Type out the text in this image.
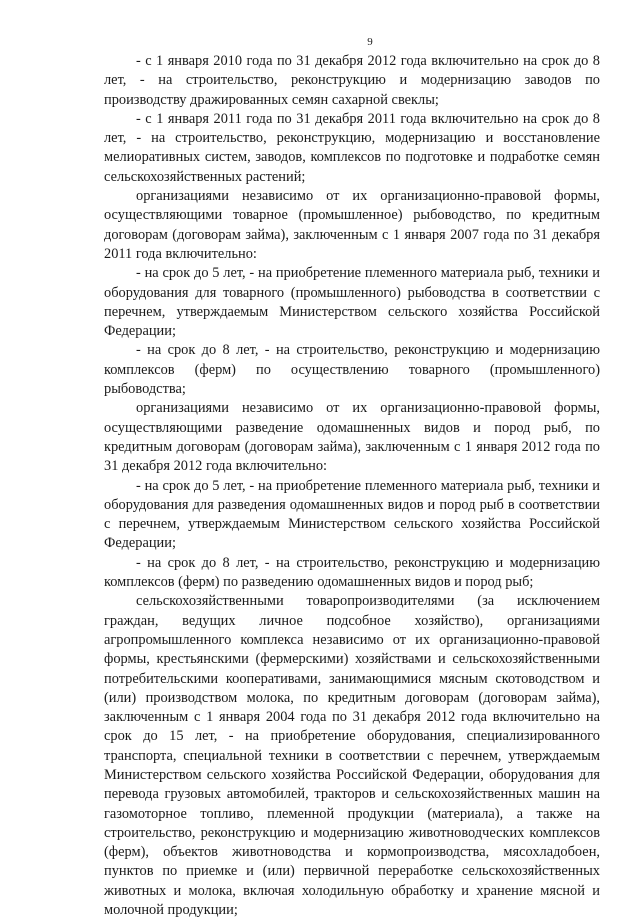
9

- с 1 января 2010 года по 31 декабря 2012 года включительно на срок до 8 лет, - на строительство, реконструкцию и модернизацию заводов по производству дражированных семян сахарной свеклы;

- с 1 января 2011 года по 31 декабря 2011 года включительно на срок до 8 лет, - на строительство, реконструкцию, модернизацию и восстановление мелиоративных систем, заводов, комплексов по подготовке и подработке семян сельскохозяйственных растений;

организациями независимо от их организационно-правовой формы, осуществляющими товарное (промышленное) рыбоводство, по кредитным договорам (договорам займа), заключенным с 1 января 2007 года по 31 декабря 2011 года включительно:

- на срок до 5 лет, - на приобретение племенного материала рыб, техники и оборудования для товарного (промышленного) рыбоводства в соответствии с перечнем, утверждаемым Министерством сельского хозяйства Российской Федерации;

- на срок до 8 лет, - на строительство, реконструкцию и модернизацию комплексов (ферм) по осуществлению товарного (промышленного) рыбоводства;

организациями независимо от их организационно-правовой формы, осуществляющими разведение одомашненных видов и пород рыб, по кредитным договорам (договорам займа), заключенным с 1 января 2012 года по 31 декабря 2012 года включительно:

- на срок до 5 лет, - на приобретение племенного материала рыб, техники и оборудования для разведения одомашненных видов и пород рыб в соответствии с перечнем, утверждаемым Министерством сельского хозяйства Российской Федерации;

- на срок до 8 лет, - на строительство, реконструкцию и модернизацию комплексов (ферм) по разведению одомашненных видов и пород рыб;

сельскохозяйственными товаропроизводителями (за исключением граждан, ведущих личное подсобное хозяйство), организациями агропромышленного комплекса независимо от их организационно-правовой формы, крестьянскими (фермерскими) хозяйствами и сельскохозяйственными потребительскими кооперативами, занимающимися мясным скотоводством и (или) производством молока, по кредитным договорам (договорам займа), заключенным с 1 января 2004 года по 31 декабря 2012 года включительно на срок до 15 лет, - на приобретение оборудования, специализированного транспорта, специальной техники в соответствии с перечнем, утверждаемым Министерством сельского хозяйства Российской Федерации, оборудования для перевода грузовых автомобилей, тракторов и сельскохозяйственных машин на газомоторное топливо, племенной продукции (материала), а также на строительство, реконструкцию и модернизацию животноводческих комплексов (ферм), объектов животноводства и кормопроизводства, мясохладобоен, пунктов по приемке и (или) первичной переработке сельскохозяйственных животных и молока, включая холодильную обработку и хранение мясной и молочной продукции;
